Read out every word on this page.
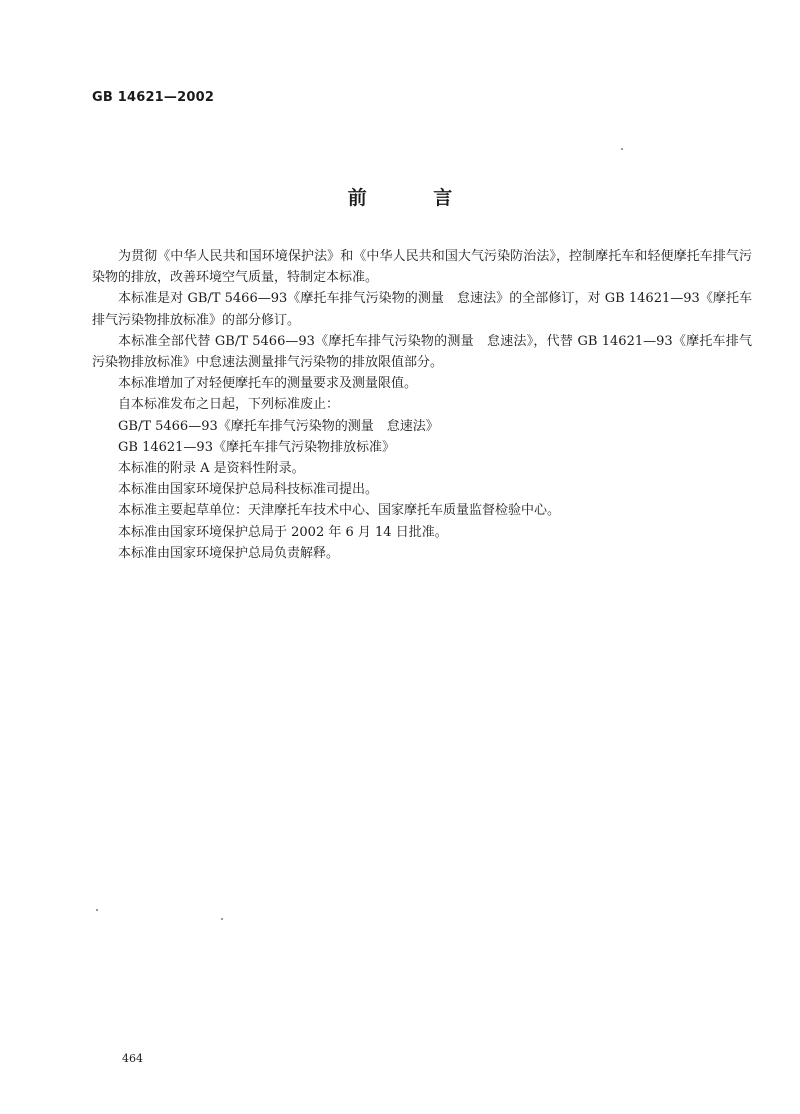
GB 14621—2002
前 言

为贯彻《中华人民共和国环境保护法》和《中华人民共和国大气污染防治法》，控制摩托车和轻便摩托车排气污染物的排放，改善环境空气质量，特制定本标准。

本标准是对 GB/T 5466—93《摩托车排气污染物的测量　怠速法》的全部修订，对 GB 14621—93《摩托车排气污染物排放标准》的部分修订。

本标准全部代替 GB/T 5466—93《摩托车排气污染物的测量　怠速法》，代替 GB 14621—93《摩托车排气污染物排放标准》中怠速法测量排气污染物的排放限值部分。

本标准增加了对轻便摩托车的测量要求及测量限值。

自本标准发布之日起，下列标准废止：

GB/T 5466—93《摩托车排气污染物的测量　怠速法》

GB 14621—93《摩托车排气污染物排放标准》

本标准的附录 A 是资料性附录。

本标准由国家环境保护总局科技标准司提出。

本标准主要起草单位：天津摩托车技术中心、国家摩托车质量监督检验中心。

本标准由国家环境保护总局于 2002 年 6 月 14 日批准。

本标准由国家环境保护总局负责解释。

464
